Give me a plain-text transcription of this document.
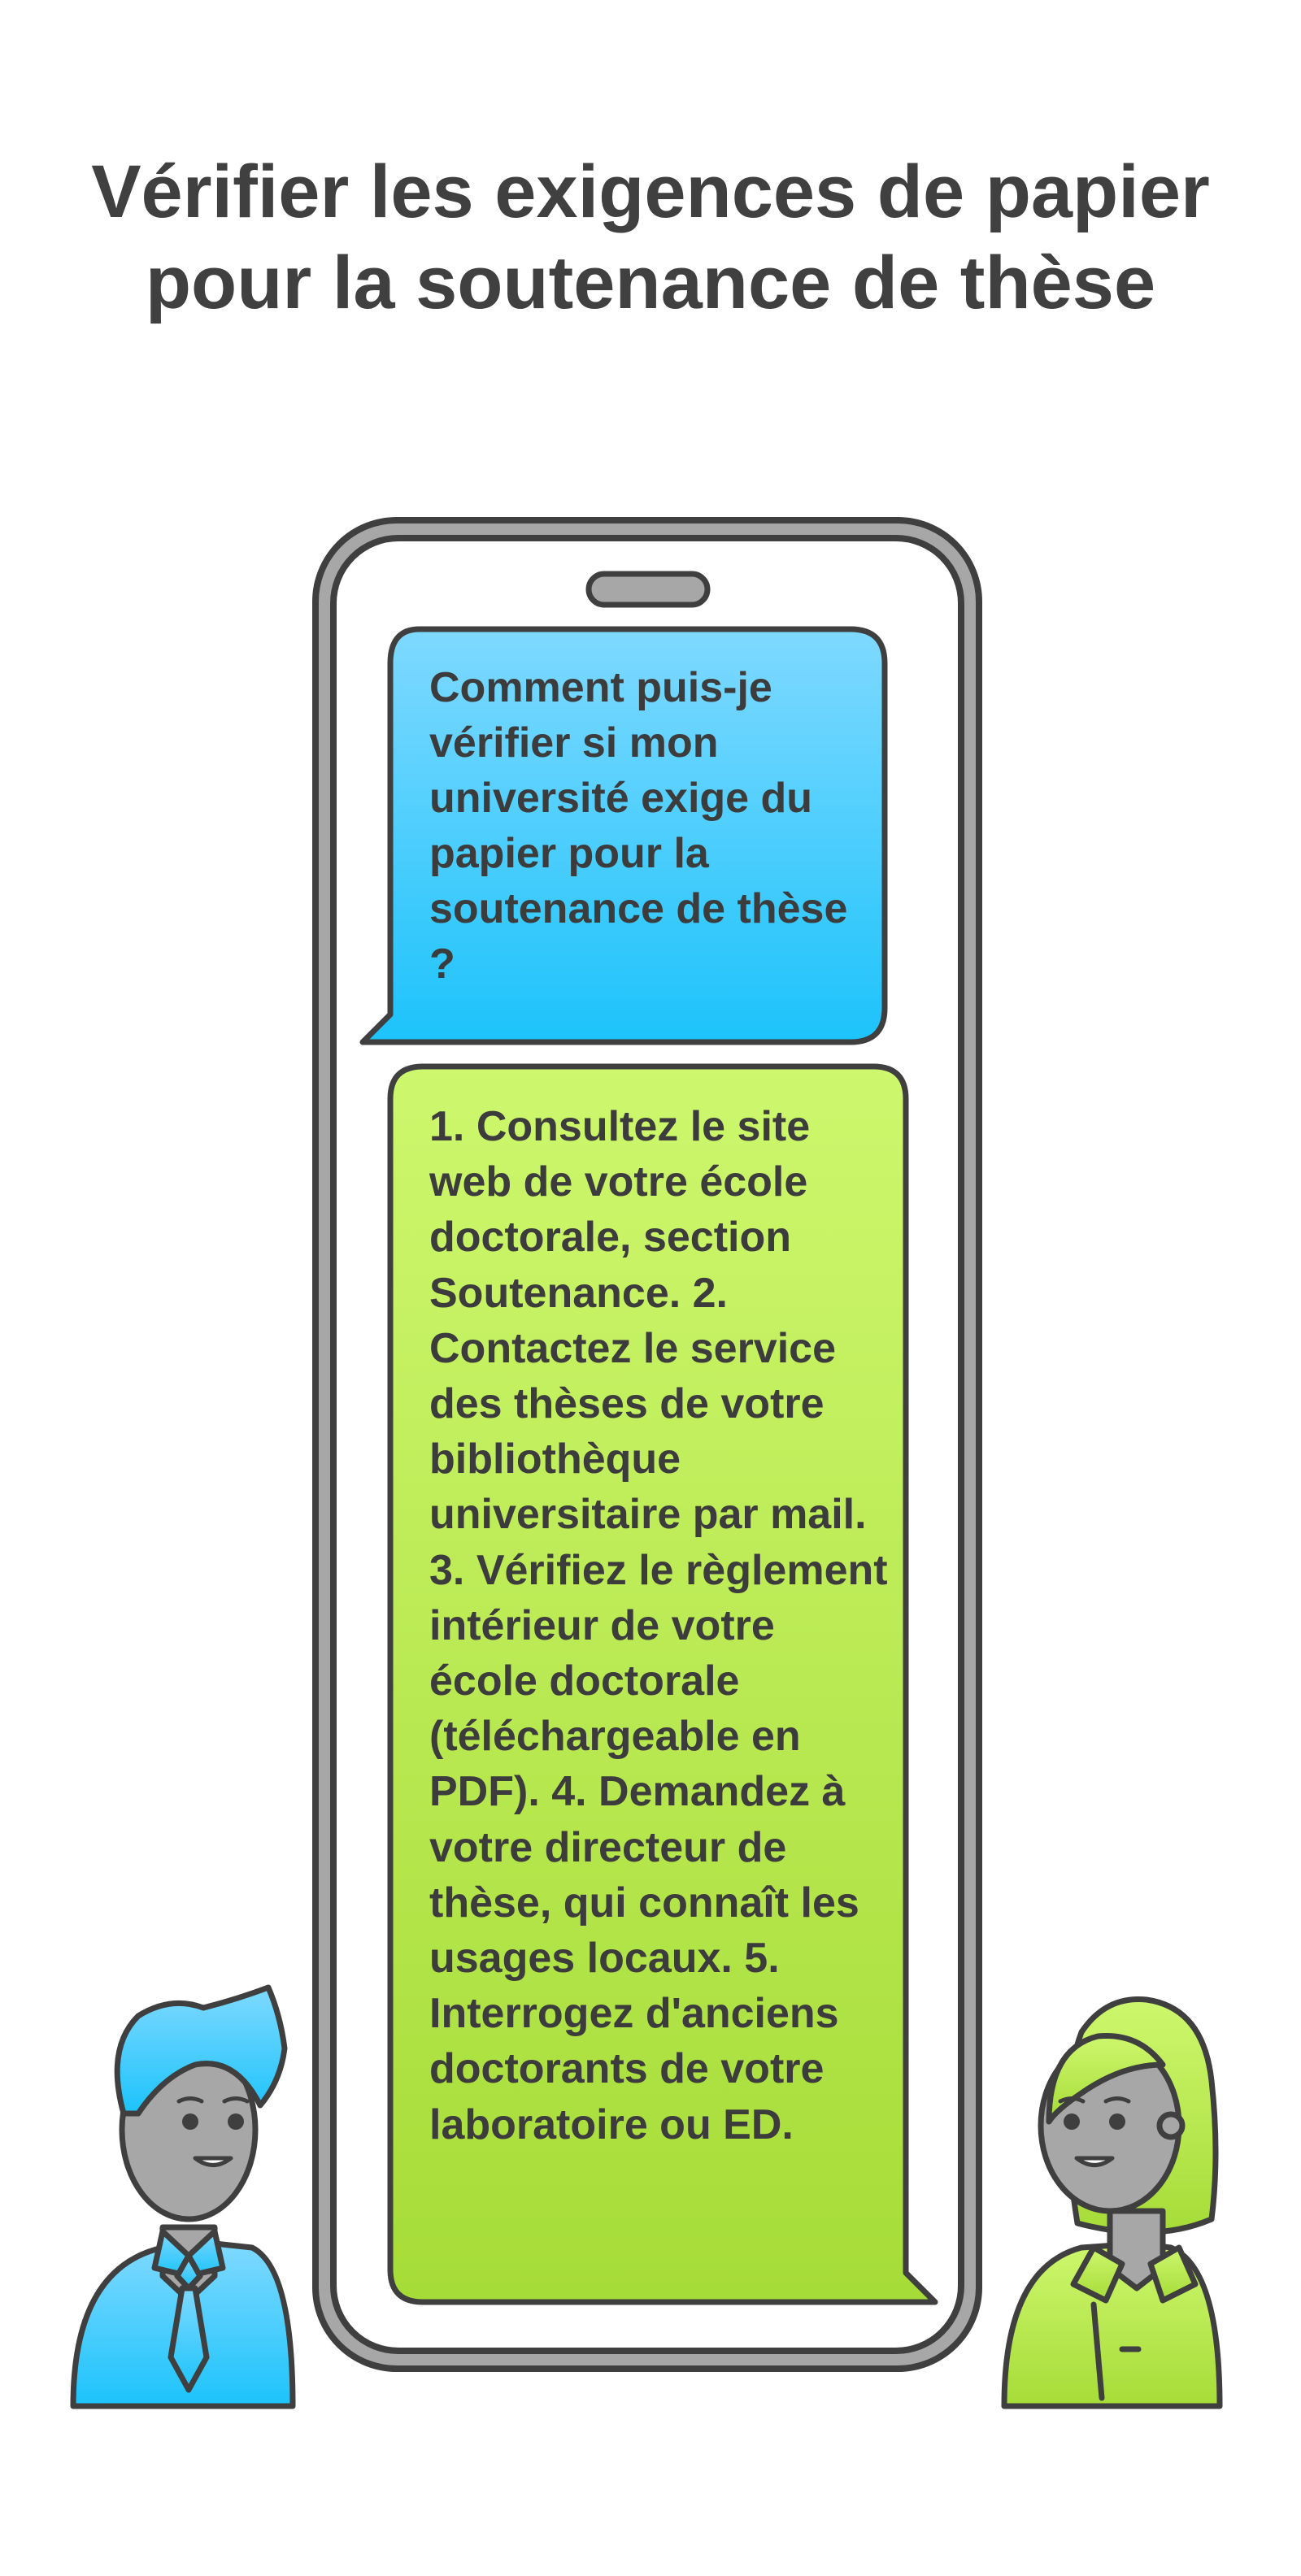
Vérifier les exigences de papier pour la soutenance de thèse

Comment puis-je vérifier si mon université exige du papier pour la soutenance de thèse ?

1. Consultez le site web de votre école doctorale, section Soutenance. 2. Contactez le service des thèses de votre bibliothèque universitaire par mail. 3. Vérifiez le règlement intérieur de votre école doctorale (téléchargeable en PDF). 4. Demandez à votre directeur de thèse, qui connaît les usages locaux. 5. Interrogez d'anciens doctorants de votre laboratoire ou ED.
